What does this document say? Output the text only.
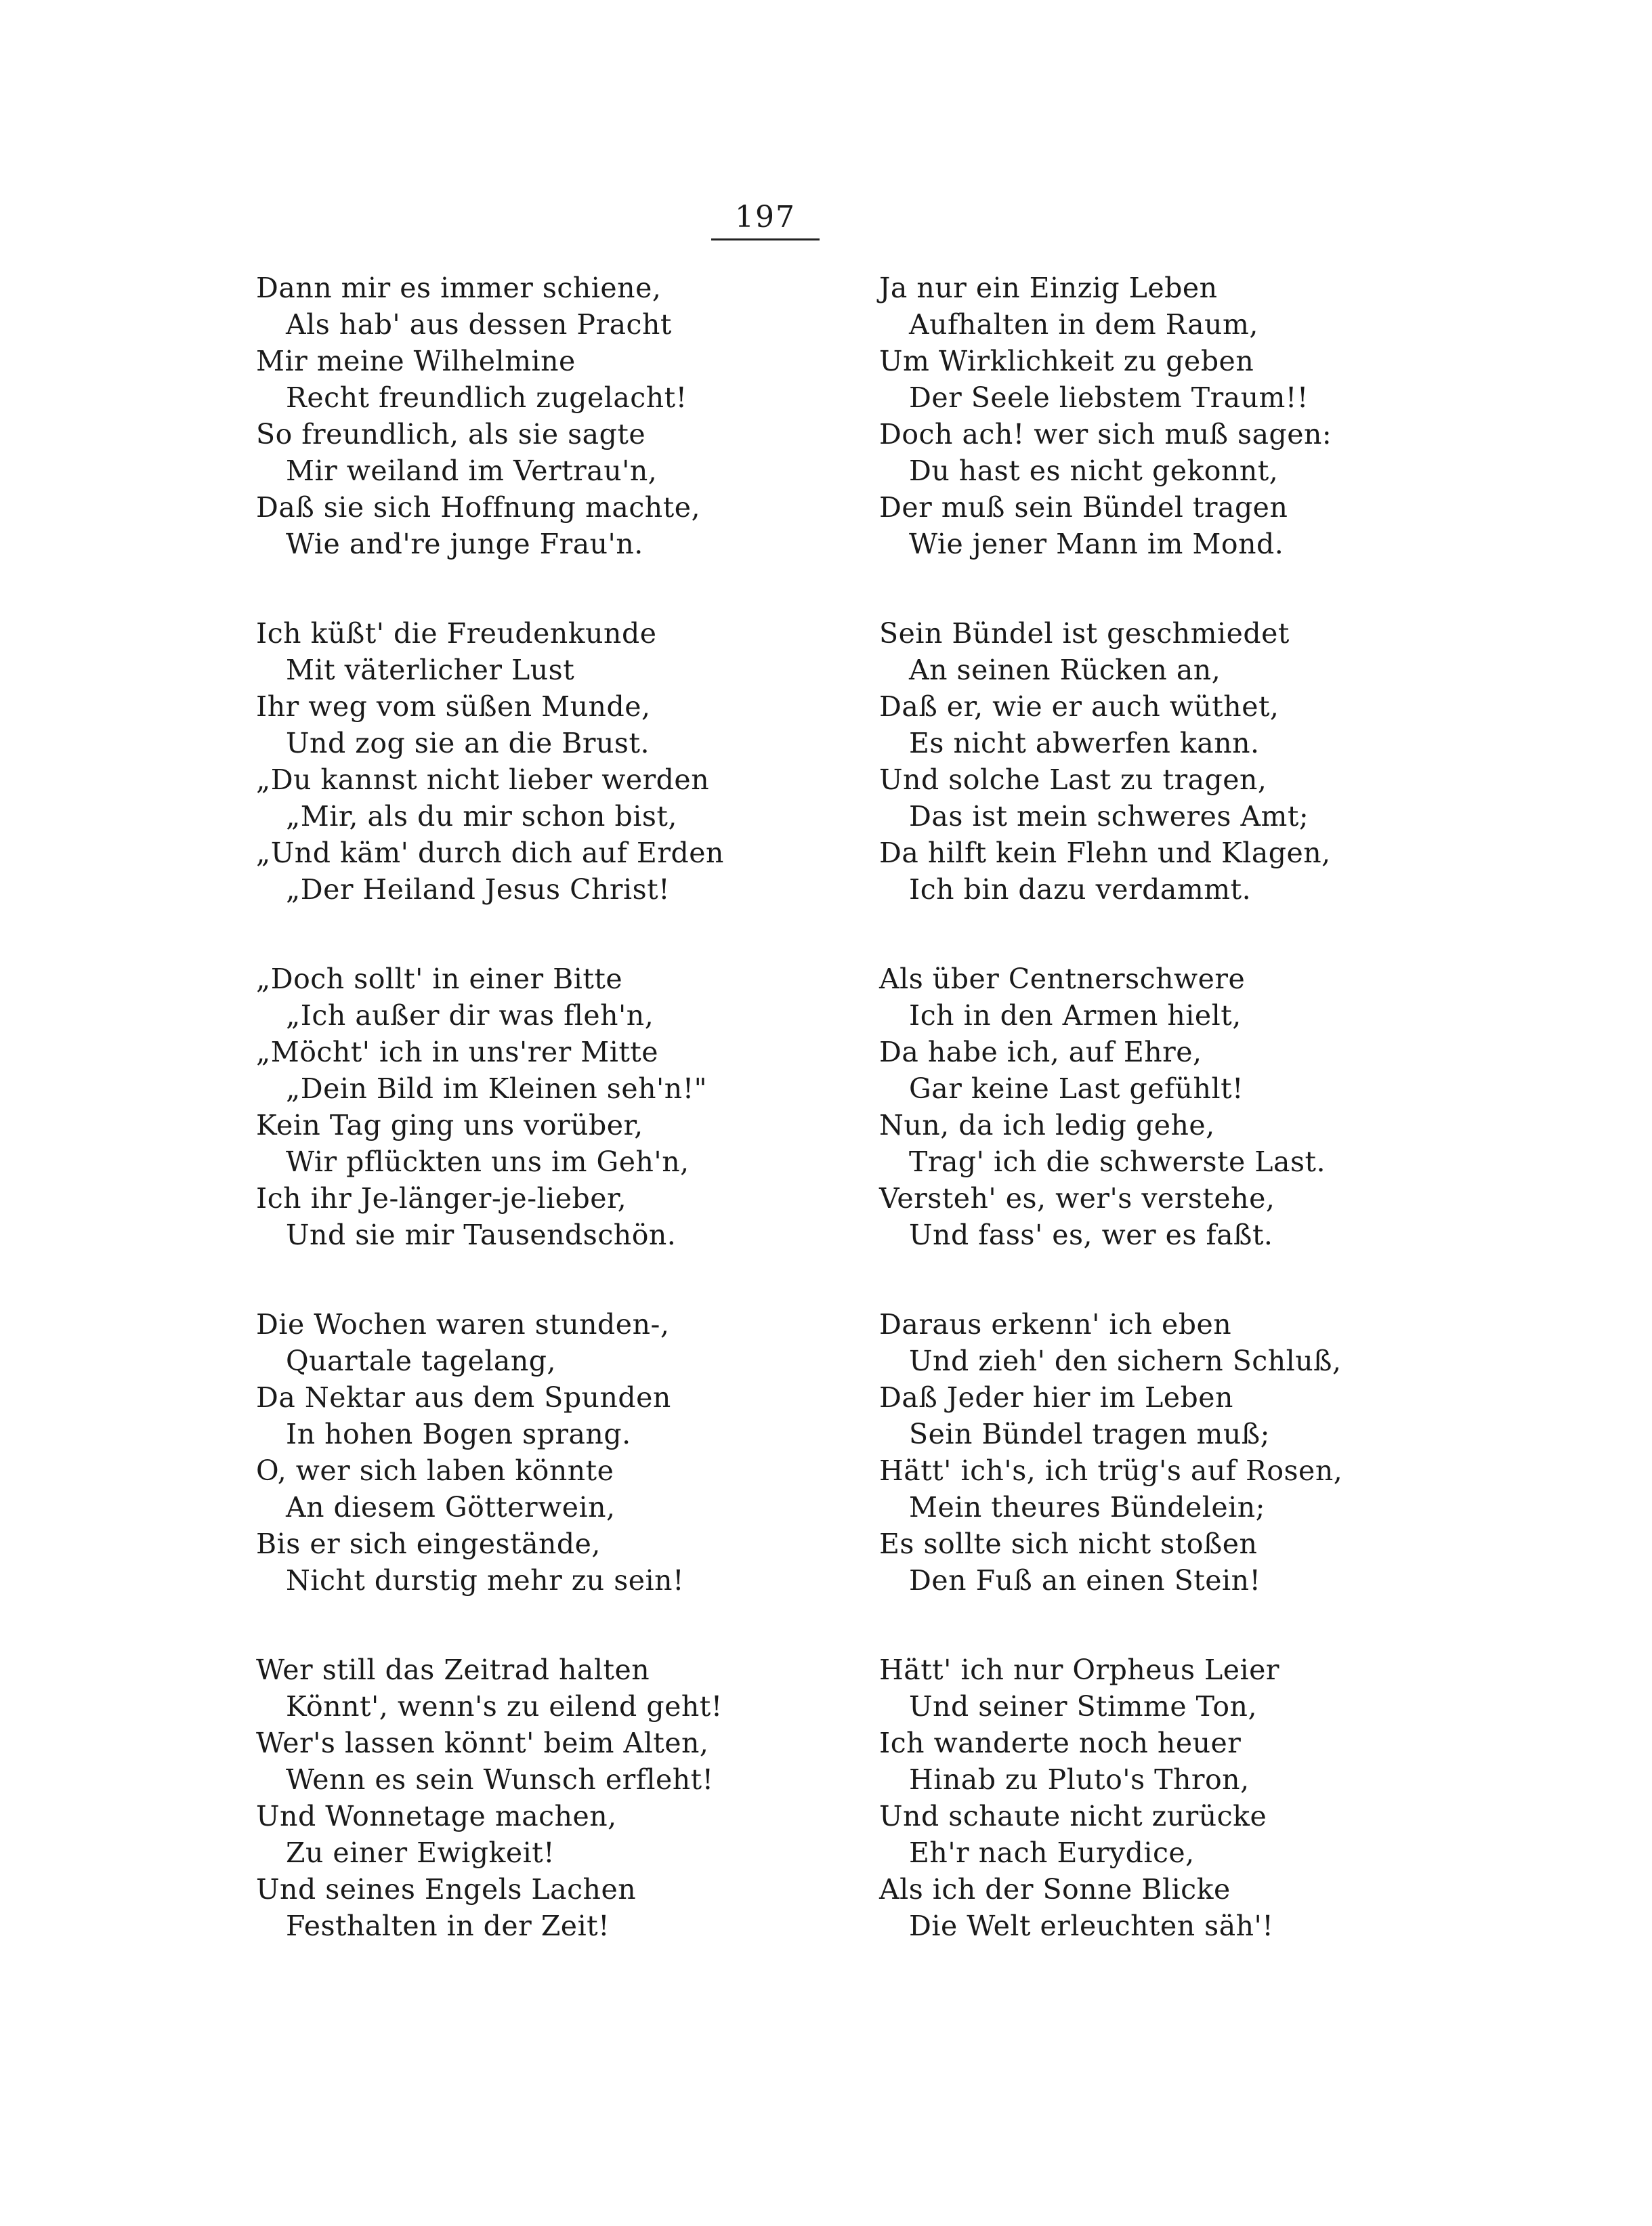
197
Dann mir es immer schiene,
Als hab' aus dessen Pracht
Mir meine Wilhelmine
Recht freundlich zugelacht!
So freundlich, als sie sagte
Mir weiland im Vertrau'n,
Daß sie sich Hoffnung machte,
Wie and're junge Frau'n.
Ich küßt' die Freudenkunde
Mit väterlicher Lust
Ihr weg vom süßen Munde,
Und zog sie an die Brust.
„Du kannst nicht lieber werden
„Mir, als du mir schon bist,
„Und käm' durch dich auf Erden
„Der Heiland Jesus Christ!
„Doch sollt' in einer Bitte
„Ich außer dir was fleh'n,
„Möcht' ich in uns'rer Mitte
„Dein Bild im Kleinen seh'n!"
Kein Tag ging uns vorüber,
Wir pflückten uns im Geh'n,
Ich ihr Je-länger-je-lieber,
Und sie mir Tausendschön.
Die Wochen waren stunden-,
Quartale tagelang,
Da Nektar aus dem Spunden
In hohen Bogen sprang.
O, wer sich laben könnte
An diesem Götterwein,
Bis er sich eingestände,
Nicht durstig mehr zu sein!
Wer still das Zeitrad halten
Könnt', wenn's zu eilend geht!
Wer's lassen könnt' beim Alten,
Wenn es sein Wunsch erfleht!
Und Wonnetage machen,
Zu einer Ewigkeit!
Und seines Engels Lachen
Festhalten in der Zeit!
Ja nur ein Einzig Leben
Aufhalten in dem Raum,
Um Wirklichkeit zu geben
Der Seele liebstem Traum!!
Doch ach! wer sich muß sagen:
Du hast es nicht gekonnt,
Der muß sein Bündel tragen
Wie jener Mann im Mond.
Sein Bündel ist geschmiedet
An seinen Rücken an,
Daß er, wie er auch wüthet,
Es nicht abwerfen kann.
Und solche Last zu tragen,
Das ist mein schweres Amt;
Da hilft kein Flehn und Klagen,
Ich bin dazu verdammt.
Als über Centnerschwere
Ich in den Armen hielt,
Da habe ich, auf Ehre,
Gar keine Last gefühlt!
Nun, da ich ledig gehe,
Trag' ich die schwerste Last.
Versteh' es, wer's verstehe,
Und fass' es, wer es faßt.
Daraus erkenn' ich eben
Und zieh' den sichern Schluß,
Daß Jeder hier im Leben
Sein Bündel tragen muß;
Hätt' ich's, ich trüg's auf Rosen,
Mein theures Bündelein;
Es sollte sich nicht stoßen
Den Fuß an einen Stein!
Hätt' ich nur Orpheus Leier
Und seiner Stimme Ton,
Ich wanderte noch heuer
Hinab zu Pluto's Thron,
Und schaute nicht zurücke
Eh'r nach Eurydice,
Als ich der Sonne Blicke
Die Welt erleuchten säh'!
